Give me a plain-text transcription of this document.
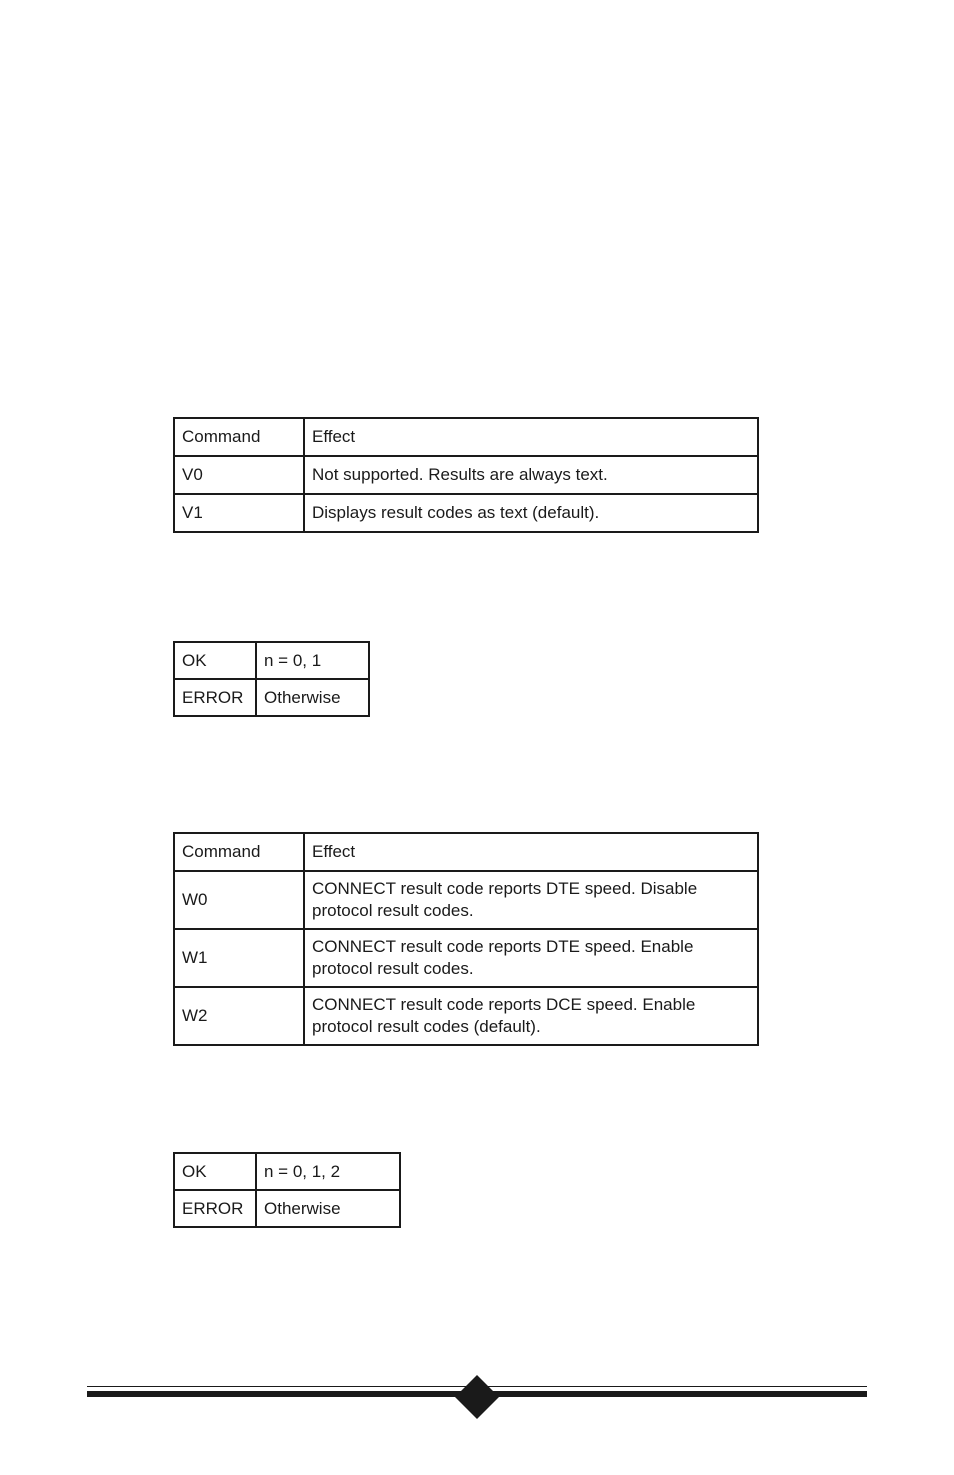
Command	Effect
V0	Not supported. Results are always text.
V1	Displays result codes as text (default).
OK	n = 0, 1
ERROR	Otherwise
Command	Effect
W0	CONNECT result code reports DTE speed. Disable
protocol result codes.

W1	CONNECT result code reports DTE speed. Enable
protocol result codes.

W2	CONNECT result code reports DCE speed. Enable
protocol result codes (default).
OK	n = 0, 1, 2
ERROR	Otherwise
